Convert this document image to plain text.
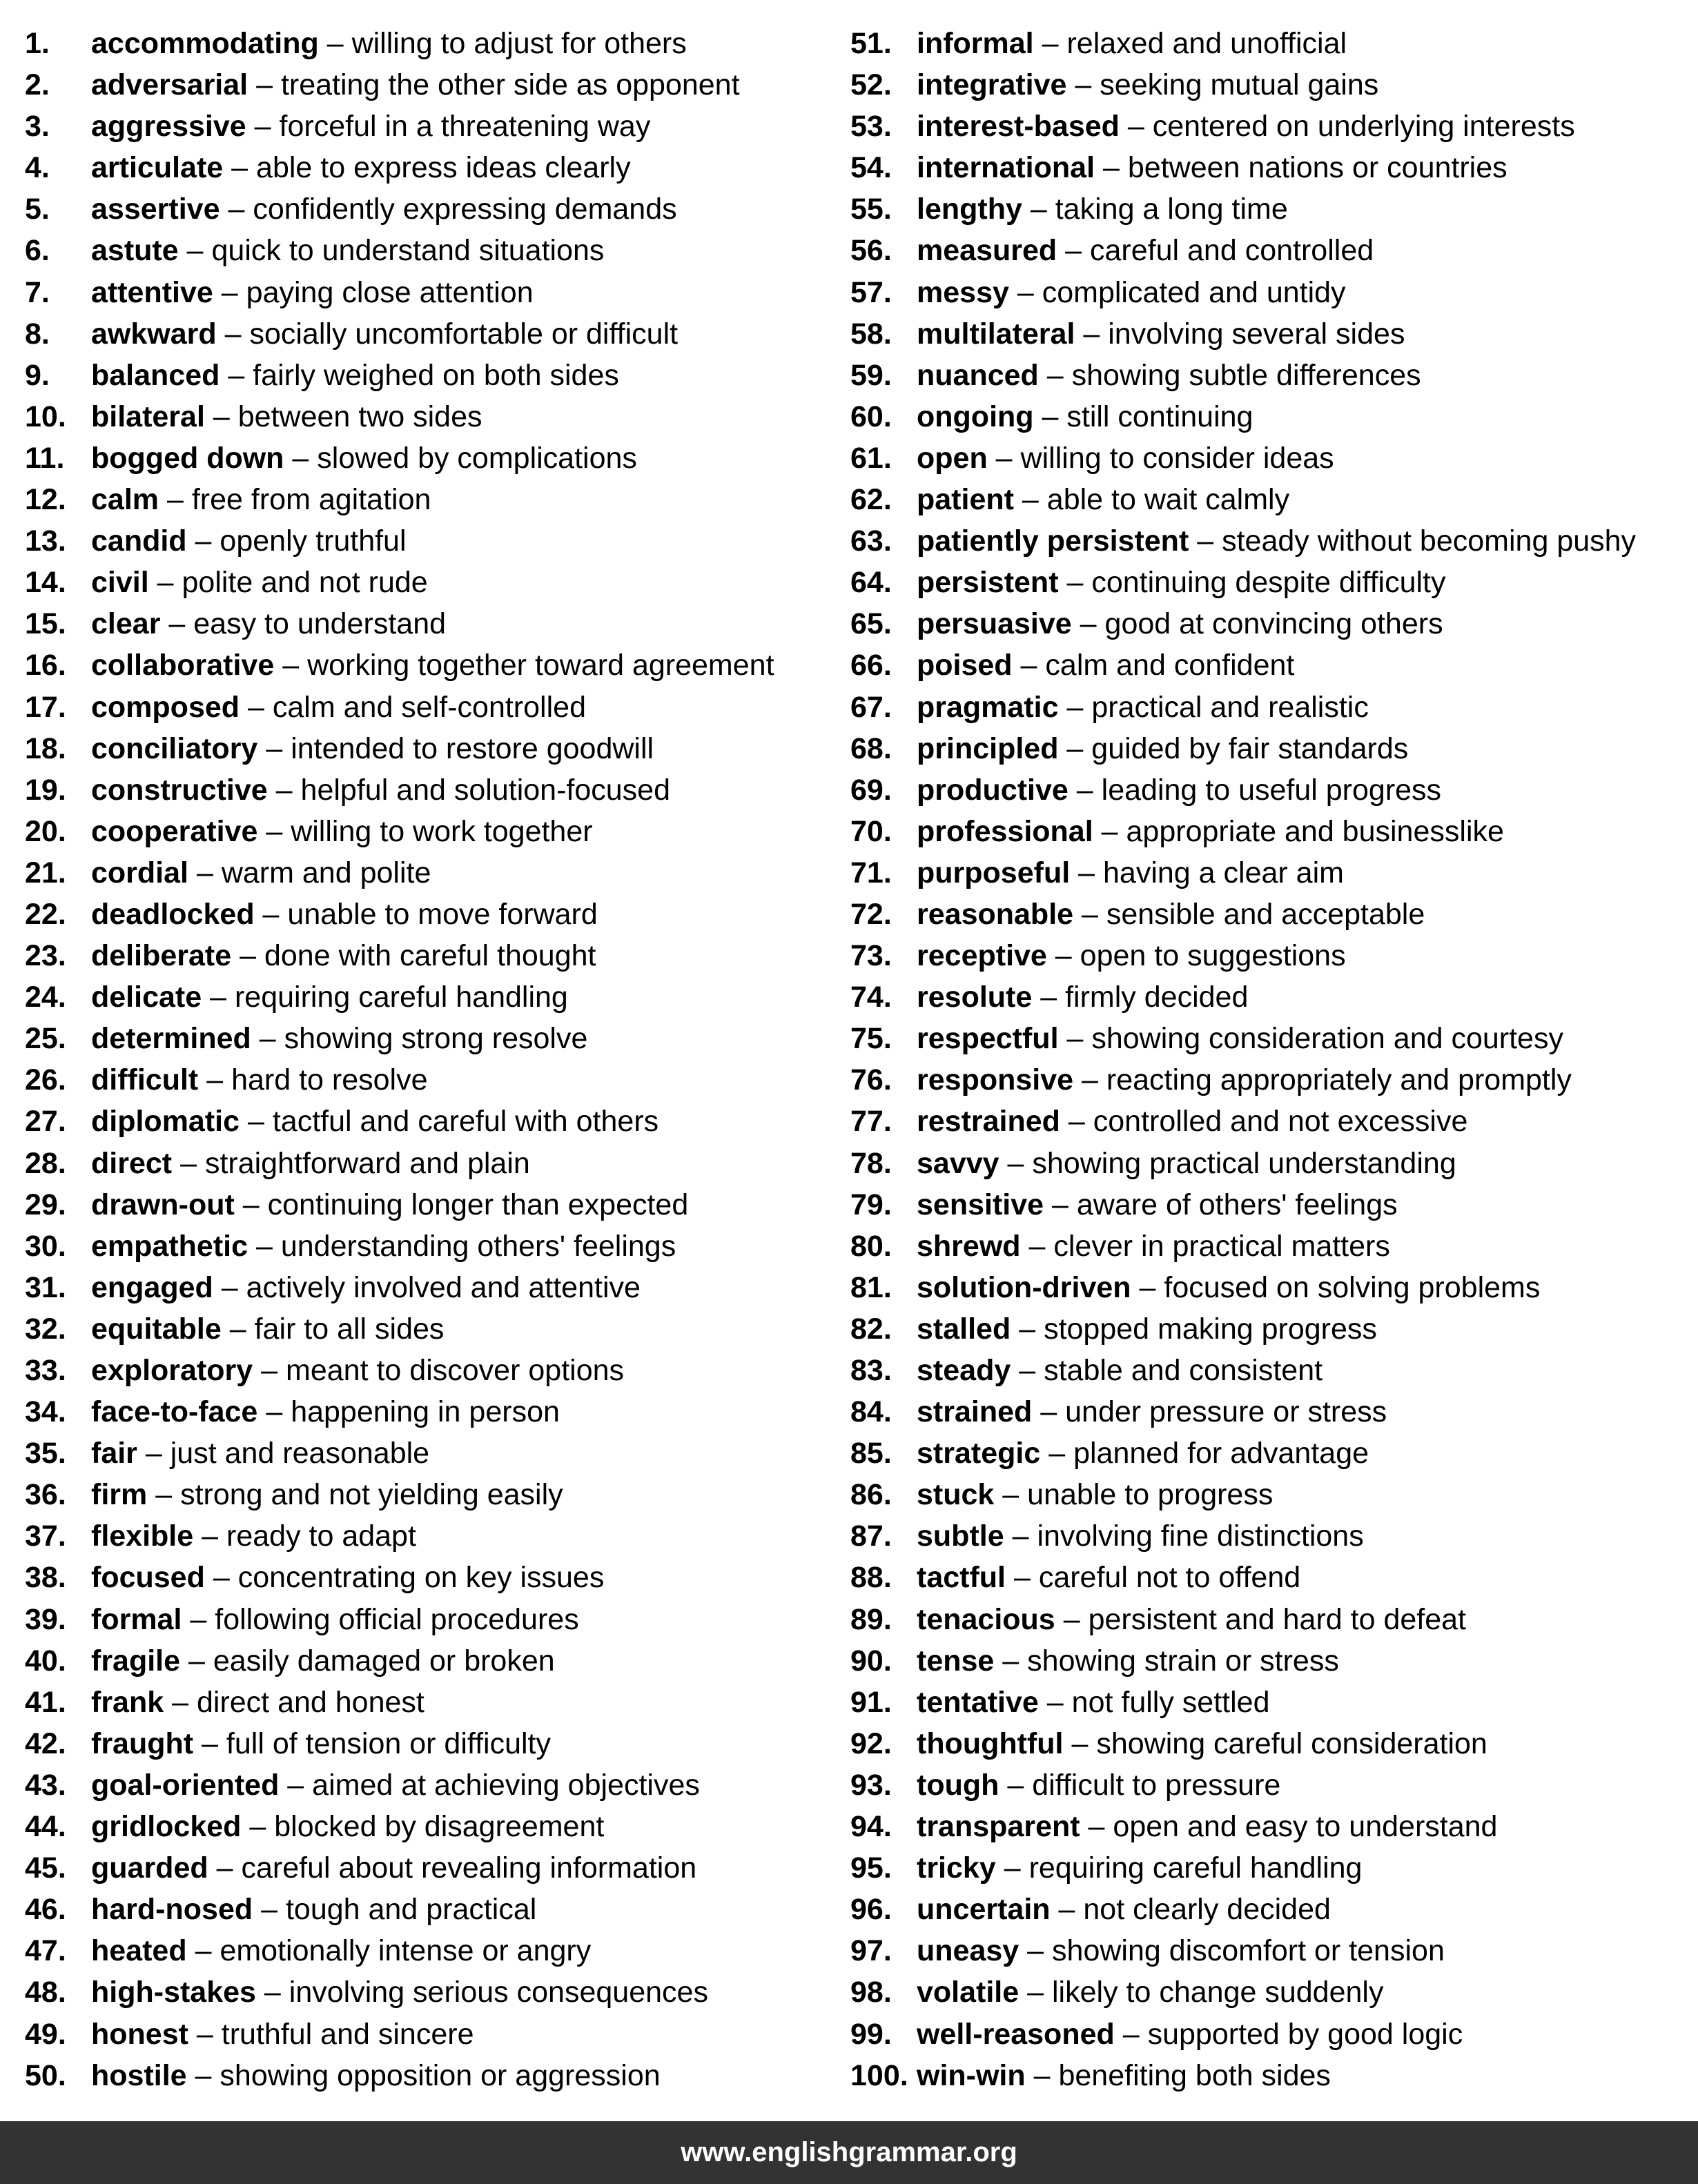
1. accommodating – willing to adjust for others
2. adversarial – treating the other side as opponent
3. aggressive – forceful in a threatening way
4. articulate – able to express ideas clearly
5. assertive – confidently expressing demands
6. astute – quick to understand situations
7. attentive – paying close attention
8. awkward – socially uncomfortable or difficult
9. balanced – fairly weighed on both sides
10. bilateral – between two sides
11. bogged down – slowed by complications
12. calm – free from agitation
13. candid – openly truthful
14. civil – polite and not rude
15. clear – easy to understand
16. collaborative – working together toward agreement
17. composed – calm and self-controlled
18. conciliatory – intended to restore goodwill
19. constructive – helpful and solution-focused
20. cooperative – willing to work together
21. cordial – warm and polite
22. deadlocked – unable to move forward
23. deliberate – done with careful thought
24. delicate – requiring careful handling
25. determined – showing strong resolve
26. difficult – hard to resolve
27. diplomatic – tactful and careful with others
28. direct – straightforward and plain
29. drawn-out – continuing longer than expected
30. empathetic – understanding others' feelings
31. engaged – actively involved and attentive
32. equitable – fair to all sides
33. exploratory – meant to discover options
34. face-to-face – happening in person
35. fair – just and reasonable
36. firm – strong and not yielding easily
37. flexible – ready to adapt
38. focused – concentrating on key issues
39. formal – following official procedures
40. fragile – easily damaged or broken
41. frank – direct and honest
42. fraught – full of tension or difficulty
43. goal-oriented – aimed at achieving objectives
44. gridlocked – blocked by disagreement
45. guarded – careful about revealing information
46. hard-nosed – tough and practical
47. heated – emotionally intense or angry
48. high-stakes – involving serious consequences
49. honest – truthful and sincere
50. hostile – showing opposition or aggression
51. informal – relaxed and unofficial
52. integrative – seeking mutual gains
53. interest-based – centered on underlying interests
54. international – between nations or countries
55. lengthy – taking a long time
56. measured – careful and controlled
57. messy – complicated and untidy
58. multilateral – involving several sides
59. nuanced – showing subtle differences
60. ongoing – still continuing
61. open – willing to consider ideas
62. patient – able to wait calmly
63. patiently persistent – steady without becoming pushy
64. persistent – continuing despite difficulty
65. persuasive – good at convincing others
66. poised – calm and confident
67. pragmatic – practical and realistic
68. principled – guided by fair standards
69. productive – leading to useful progress
70. professional – appropriate and businesslike
71. purposeful – having a clear aim
72. reasonable – sensible and acceptable
73. receptive – open to suggestions
74. resolute – firmly decided
75. respectful – showing consideration and courtesy
76. responsive – reacting appropriately and promptly
77. restrained – controlled and not excessive
78. savvy – showing practical understanding
79. sensitive – aware of others' feelings
80. shrewd – clever in practical matters
81. solution-driven – focused on solving problems
82. stalled – stopped making progress
83. steady – stable and consistent
84. strained – under pressure or stress
85. strategic – planned for advantage
86. stuck – unable to progress
87. subtle – involving fine distinctions
88. tactful – careful not to offend
89. tenacious – persistent and hard to defeat
90. tense – showing strain or stress
91. tentative – not fully settled
92. thoughtful – showing careful consideration
93. tough – difficult to pressure
94. transparent – open and easy to understand
95. tricky – requiring careful handling
96. uncertain – not clearly decided
97. uneasy – showing discomfort or tension
98. volatile – likely to change suddenly
99. well-reasoned – supported by good logic
100. win-win – benefiting both sides
www.englishgrammar.org
